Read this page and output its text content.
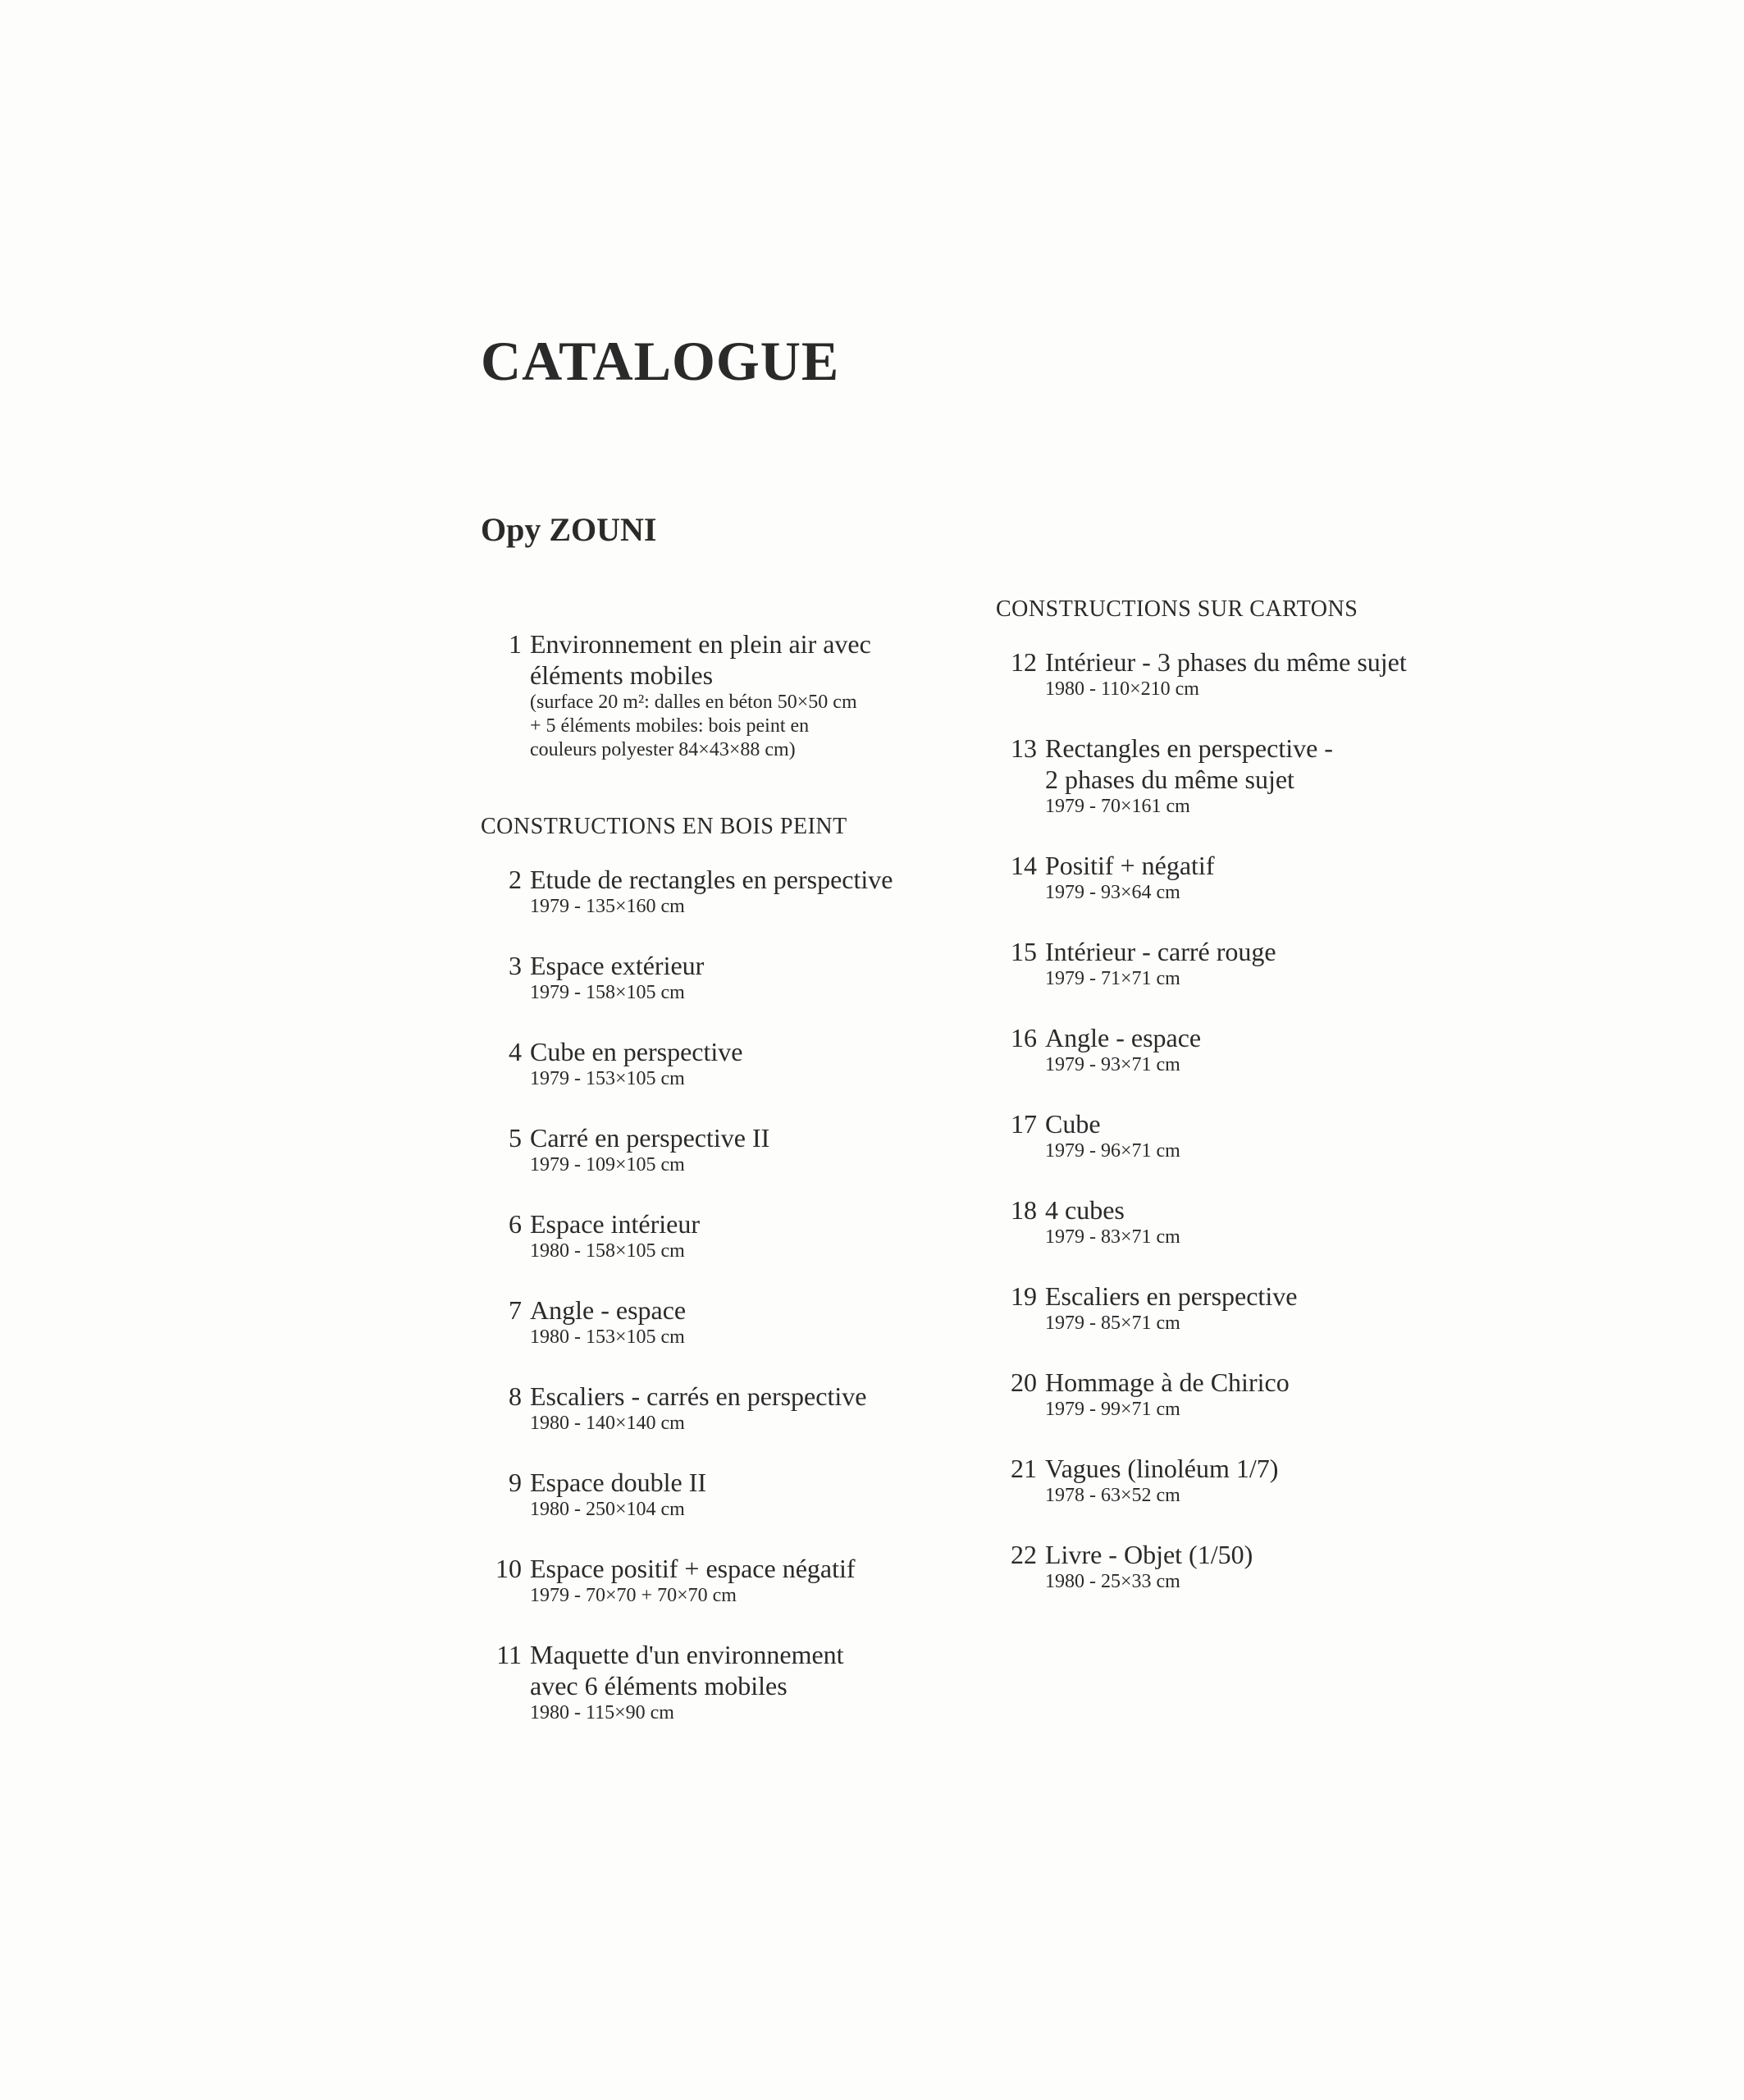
CATALOGUE
Opy ZOUNI
1 Environnement en plein air avec
éléments mobiles
(surface 20 m²: dalles en béton 50×50 cm
+ 5 éléments mobiles: bois peint en
couleurs polyester 84×43×88 cm)
CONSTRUCTIONS EN BOIS PEINT
2 Etude de rectangles en perspective
1979 - 135×160 cm
3 Espace extérieur
1979 - 158×105 cm
4 Cube en perspective
1979 - 153×105 cm
5 Carré en perspective II
1979 - 109×105 cm
6 Espace intérieur
1980 - 158×105 cm
7 Angle - espace
1980 - 153×105 cm
8 Escaliers - carrés en perspective
1980 - 140×140 cm
9 Espace double II
1980 - 250×104 cm
10 Espace positif + espace négatif
1979 - 70×70 + 70×70 cm
11 Maquette d'un environnement
avec 6 éléments mobiles
1980 - 115×90 cm
CONSTRUCTIONS SUR CARTONS
12 Intérieur - 3 phases du même sujet
1980 - 110×210 cm
13 Rectangles en perspective -
2 phases du même sujet
1979 - 70×161 cm
14 Positif + négatif
1979 - 93×64 cm
15 Intérieur - carré rouge
1979 - 71×71 cm
16 Angle - espace
1979 - 93×71 cm
17 Cube
1979 - 96×71 cm
18 4 cubes
1979 - 83×71 cm
19 Escaliers en perspective
1979 - 85×71 cm
20 Hommage à de Chirico
1979 - 99×71 cm
21 Vagues (linoléum 1/7)
1978 - 63×52 cm
22 Livre - Objet (1/50)
1980 - 25×33 cm
